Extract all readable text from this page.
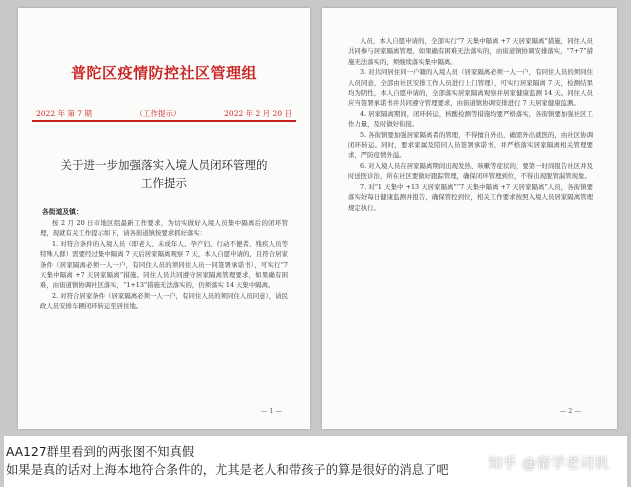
普陀区疫情防控社区管理组
2022 年 第 7 期	（工作提示）	2022 年 2 月 20 日
关于进一步加强落实入境人员闭环管理的
工作提示
各街道及镇：

按 2 月 20 日市地区组最新工作要求，为切实做好入境人员集中隔离后的闭环管理，现就有关工作提示如下，请各街道镇按要求抓好落实：

1. 对符合条件的入境人员（即老人、未成年人、孕产妇、行动不便者、残疾人员等特殊人群）需要经过集中隔离 7 天后居家隔离观察 7 天，本人自愿申请的，且符合居家条件（居家隔离必须一人一户，有同住人员的须同住人员一同签署承诺书），可实行“7 天集中隔离 +7 天居家隔离”措施。同住人员共同遵守居家隔离管理要求，如果确有困难，由街道镇协调社区落实，“1+13”措施无法落实的，仍须落实 14 天集中隔离。

2. 对符合居家条件（居家隔离必须一人一户，有同住人员的须同住人员同意），请民政人员安排车辆闭环转运至居住地。

— 1 —

人员，本人自愿申请的，全部实行“7 天集中隔离 +7 天居家隔离”措施，同住人员共同参与居家隔离管理，如果确有困难无法落实的，由街道镇协调安排落实，“7+7”措施无法落实的，须继续落实集中隔离。

3. 对共同居住同一户籍的入境人员（居家隔离必须一人一户，有同住人员的须同住人员同意，全部由社区安排工作人员进行上门管理），可实行居家隔离 7 天，检测结果均为阴性，本人自愿申请的，全部落实居家隔离观察并居家健康监测 14 天。同住人员应当签署承诺书并共同遵守管理要求，由街道镇协调安排进行 7 天居家健康监测。

4. 居家隔离期间，闭环转运，核酸检测等措施均要严格落实，各街镇要加强社区工作力量，及时做好衔接。

5. 各街镇要加强居家隔离者的管理，不得擅自外出，确需外出就医的，由社区协调闭环转运。同时，要求家属及陪同人员签署承诺书，并严格落实居家隔离相关管理要求，严防疫情外溢。

6. 对入境人员在居家隔离期间出现发热、咳嗽等症状的，要第一时间报告社区并及时送医诊治，所在社区要做好跟踪管理，确保闭环管理到位，不得出现脱管漏管现象。

7. 对“1 天集中 +13 天居家隔离”“7 天集中隔离 +7 天居家隔离”人员，各街镇要落实好每日健康监测并报告，确保管控到位，相关工作要求按照入境人员居家隔离管理规定执行。

— 2 —
AA127群里看到的两张图不知真假
如果是真的话对上海本地符合条件的，尤其是老人和带孩子的算是很好的消息了吧	知乎 @留学老司机
